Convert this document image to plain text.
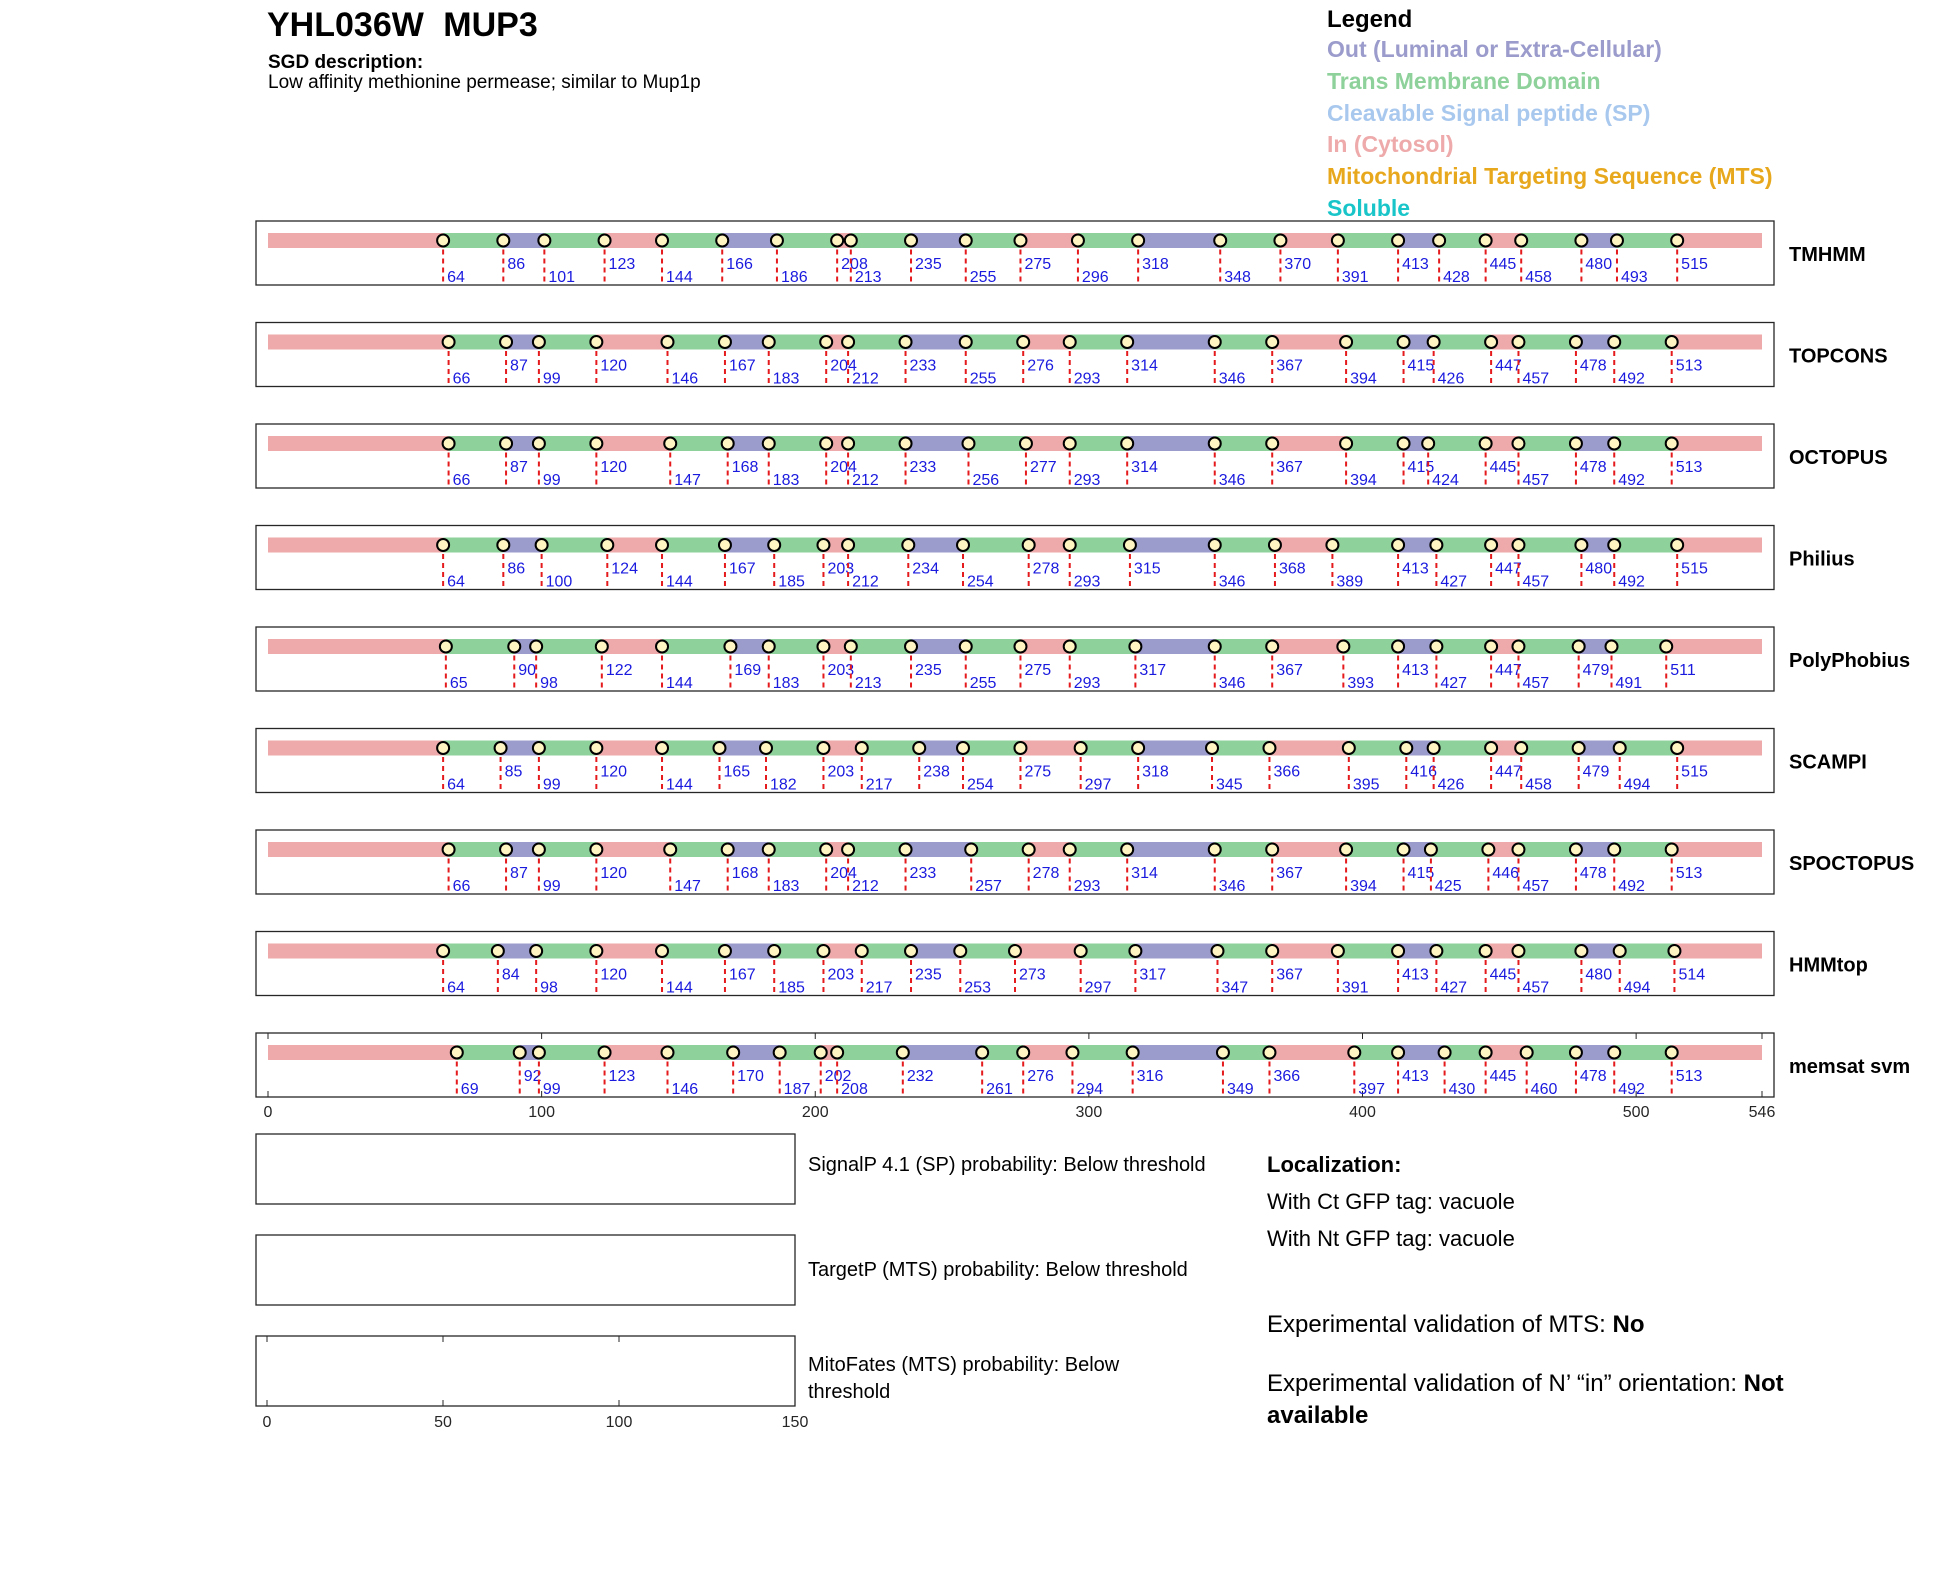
64
86
101
123
144
166
186
208
213
235
255
275
296
318
348
370
391
413
428
445
458
480
493
515	TMHMM
66
87
99
120
146
167
183
204
212
233
255
276
293
314
346
367
394
415
426
447
457
478
492
513	TOPCONS
66
87
99
120
147
168
183
204
212
233
256
277
293
314
346
367
394
415
424
445
457
478
492
513	OCTOPUS
64
86
100
124
144
167
185
203
212
234
254
278
293
315
346
368
389
413
427
447
457
480
492
515	Philius
65
90
98
122
144
169
183
203
213
235
255
275
293
317
346
367
393
413
427
447
457
479
491
511	PolyPhobius
64
85
99
120
144
165
182
203
217
238
254
275
297
318
345
366
395
416
426
447
458
479
494
515	SCAMPI
66
87
99
120
147
168
183
204
212
233
257
278
293
314
346
367
394
415
425
446
457
478
492
513	SPOCTOPUS
64
84
98
120
144
167
185
203
217
235
253
273
297
317
347
367
391
413
427
445
457
480
494
514	HMMtop
69
92
99
123
146
170
187
202
208
232
261
276
294
316
349
366
397
413
430
445
460
478
492
513	memsat svm
0	100	200	300	400	500	546
0	50	100	150
YHL036W MUP3
SGD description:
Low affinity methionine permease; similar to Mup1p
Legend
Out (Luminal or Extra-Cellular)
Trans Membrane Domain
Cleavable Signal peptide (SP)
In (Cytosol)
Mitochondrial Targeting Sequence (MTS)
Soluble
SignalP 4.1 (SP) probability: Below threshold
TargetP (MTS) probability: Below threshold
MitoFates (MTS) probability: Below
threshold
Localization:
With Ct GFP tag: vacuole
With Nt GFP tag: vacuole
Experimental validation of MTS: No
Experimental validation of N’ “in” orientation: Not
available
